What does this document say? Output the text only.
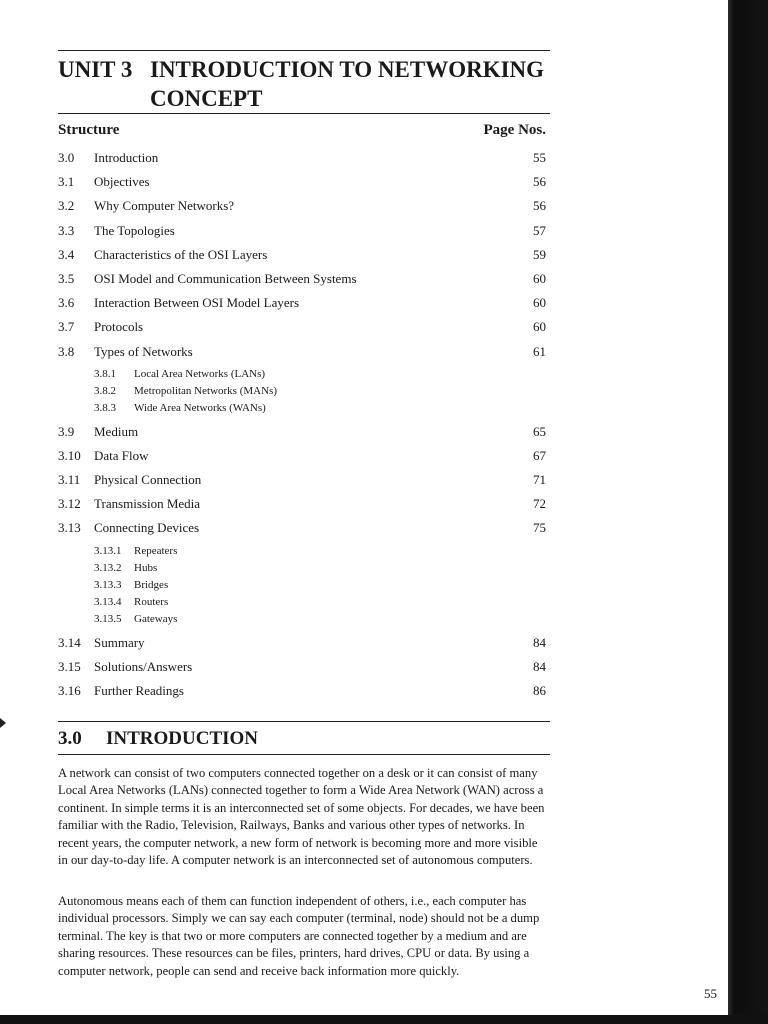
UNIT 3 INTRODUCTION TO NETWORKING
CONCEPT
Structure	Page Nos.
3.0 Introduction	55
3.1 Objectives	56
3.2 Why Computer Networks?	56
3.3 The Topologies	57
3.4 Characteristics of the OSI Layers	59
3.5 OSI Model and Communication Between Systems	60
3.6 Interaction Between OSI Model Layers	60
3.7 Protocols	60
3.8 Types of Networks	61
3.8.1 Local Area Networks (LANs)
3.8.2 Metropolitan Networks (MANs)
3.8.3 Wide Area Networks (WANs)
3.9 Medium	65
3.10 Data Flow	67
3.11 Physical Connection	71
3.12 Transmission Media	72
3.13 Connecting Devices	75
3.13.1 Repeaters
3.13.2 Hubs
3.13.3 Bridges
3.13.4 Routers
3.13.5 Gateways
3.14 Summary	84
3.15 Solutions/Answers	84
3.16 Further Readings	86
3.0 INTRODUCTION

A network can consist of two computers connected together on a desk or it can consist of many Local Area Networks (LANs) connected together to form a Wide Area Network (WAN) across a continent. In simple terms it is an interconnected set of some objects. For decades, we have been familiar with the Radio, Television, Railways, Banks and various other types of networks. In recent years, the computer network, a new form of network is becoming more and more visible in our day-to-day life. A computer network is an interconnected set of autonomous computers.

Autonomous means each of them can function independent of others, i.e., each computer has individual processors. Simply we can say each computer (terminal, node) should not be a dump terminal. The key is that two or more computers are connected together by a medium and are sharing resources. These resources can be files, printers, hard drives, CPU or data. By using a computer network, people can send and receive back information more quickly.

55
